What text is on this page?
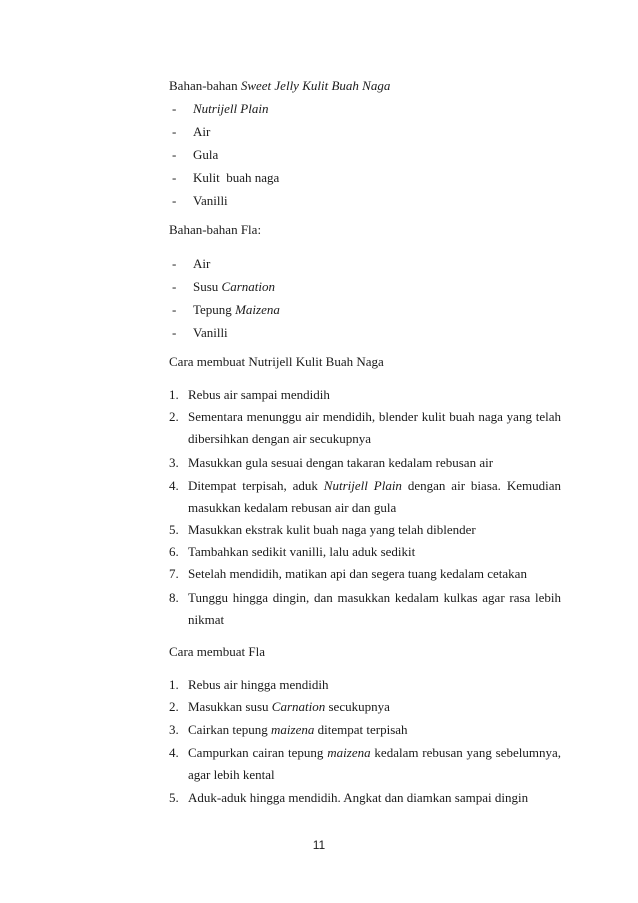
Bahan-bahan Sweet Jelly Kulit Buah Naga
- Nutrijell Plain
- Air
- Gula
- Kulit  buah naga
- Vanilli
Bahan-bahan Fla:
- Air
- Susu Carnation
- Tepung Maizena
- Vanilli
Cara membuat Nutrijell Kulit Buah Naga
1. Rebus air sampai mendidih
2. Sementara menunggu air mendidih, blender kulit buah naga yang telah
dibersihkan dengan air secukupnya
3. Masukkan gula sesuai dengan takaran kedalam rebusan air
4. Ditempat terpisah, aduk Nutrijell Plain dengan air biasa. Kemudian
masukkan kedalam rebusan air dan gula
5. Masukkan ekstrak kulit buah naga yang telah diblender
6. Tambahkan sedikit vanilli, lalu aduk sedikit
7. Setelah mendidih, matikan api dan segera tuang kedalam cetakan
8. Tunggu hingga dingin, dan masukkan kedalam kulkas agar rasa lebih
nikmat
Cara membuat Fla
1. Rebus air hingga mendidih
2. Masukkan susu Carnation secukupnya
3. Cairkan tepung maizena ditempat terpisah
4. Campurkan cairan tepung maizena kedalam rebusan yang sebelumnya,
agar lebih kental
5. Aduk-aduk hingga mendidih. Angkat dan diamkan sampai dingin
11
